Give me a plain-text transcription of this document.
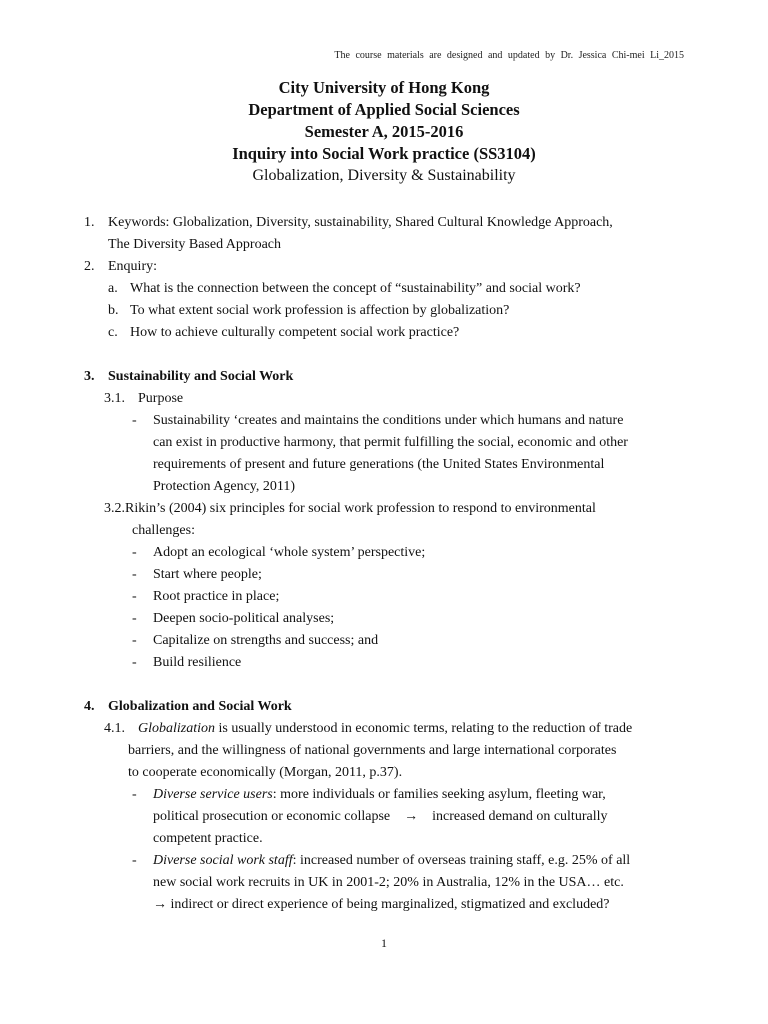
The course materials are designed and updated by Dr. Jessica Chi-mei Li_2015
City University of Hong Kong
Department of Applied Social Sciences
Semester A, 2015-2016
Inquiry into Social Work practice (SS3104)
Globalization, Diversity & Sustainability
1. Keywords: Globalization, Diversity, sustainability, Shared Cultural Knowledge Approach,
The Diversity Based Approach
2. Enquiry:
a. What is the connection between the concept of “sustainability” and social work?
b. To what extent social work profession is affection by globalization?
c. How to achieve culturally competent social work practice?
3. Sustainability and Social Work
3.1. Purpose
- Sustainability ‘creates and maintains the conditions under which humans and nature
can exist in productive harmony, that permit fulfilling the social, economic and other
requirements of present and future generations (the United States Environmental
Protection Agency, 2011)
3.2.Rikin’s (2004) six principles for social work profession to respond to environmental
challenges:
- Adopt an ecological ‘whole system’ perspective;
- Start where people;
- Root practice in place;
- Deepen socio-political analyses;
- Capitalize on strengths and success; and
- Build resilience
4. Globalization and Social Work
4.1. Globalization is usually understood in economic terms, relating to the reduction of trade
barriers, and the willingness of national governments and large international corporates
to cooperate economically (Morgan, 2011, p.37).
- Diverse service users: more individuals or families seeking asylum, fleeting war,
political prosecution or economic collapse → increased demand on culturally
competent practice.
- Diverse social work staff: increased number of overseas training staff, e.g. 25% of all
new social work recruits in UK in 2001-2; 20% in Australia, 12% in the USA… etc.
→ indirect or direct experience of being marginalized, stigmatized and excluded?
1
